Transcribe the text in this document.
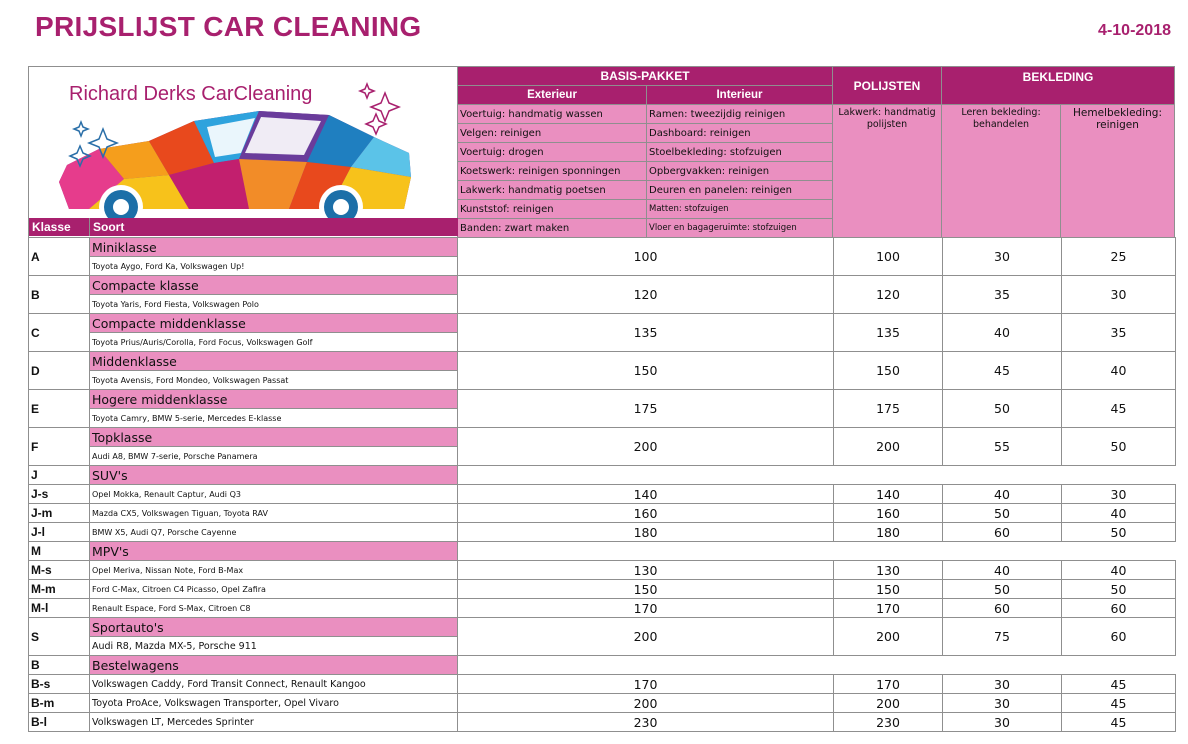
PRIJSLIJST CAR CLEANING	4-10-2018
Richard Derks CarCleaning	BASIS-PAKKET		POLIJSTEN	BEKLEDING	
	Exterieur	Interieur			
	Voertuig: handmatig wassen	Ramen: tweezijdig reinigen	Lakwerk: handmatig polijsten	Leren bekleding: behandelen	Hemelbekleding: reinigen
	Velgen: reinigen	Dashboard: reinigen			
	Voertuig: drogen	Stoelbekleding: stofzuigen			
	Koetswerk: reinigen sponningen	Opbergvakken: reinigen			
	Lakwerk: handmatig poetsen	Deuren en panelen: reinigen			
	Kunststof: reinigen	Matten: stofzuigen			
	Banden: zwart maken	Vloer en bagageruimte: stofzuigen			
Klasse	Soort
A	Miniklasse	100	100	30	25
	Toyota Aygo, Ford Ka, Volkswagen Up!				
B	Compacte klasse	120	120	35	30
	Toyota Yaris, Ford Fiesta, Volkswagen Polo				
C	Compacte middenklasse	135	135	40	35
	Toyota Prius/Auris/Corolla, Ford Focus, Volkswagen Golf				
D	Middenklasse	150	150	45	40
	Toyota Avensis, Ford Mondeo, Volkswagen Passat				
E	Hogere middenklasse	175	175	50	45
	Toyota Camry, BMW 5-serie, Mercedes E-klasse				
F	Topklasse	200	200	55	50
	Audi A8, BMW 7-serie, Porsche Panamera				
J	SUV's				
J-s	Opel Mokka, Renault Captur, Audi Q3	140	140	40	30
J-m	Mazda CX5, Volkswagen Tiguan, Toyota RAV	160	160	50	40
J-l	BMW X5, Audi Q7, Porsche Cayenne	180	180	60	50
M	MPV's				
M-s	Opel Meriva, Nissan Note, Ford B-Max	130	130	40	40
M-m	Ford C-Max, Citroen C4 Picasso, Opel Zafira	150	150	50	50
M-l	Renault Espace, Ford S-Max, Citroen C8	170	170	60	60
S	Sportauto's	200	200	75	60
	Audi R8, Mazda MX-5, Porsche 911				
B	Bestelwagens				
B-s	Volkswagen Caddy, Ford Transit Connect, Renault Kangoo	170	170	30	45
B-m	Toyota ProAce, Volkswagen Transporter, Opel Vivaro	200	200	30	45
B-l	Volkswagen LT, Mercedes Sprinter	230	230	30	45
